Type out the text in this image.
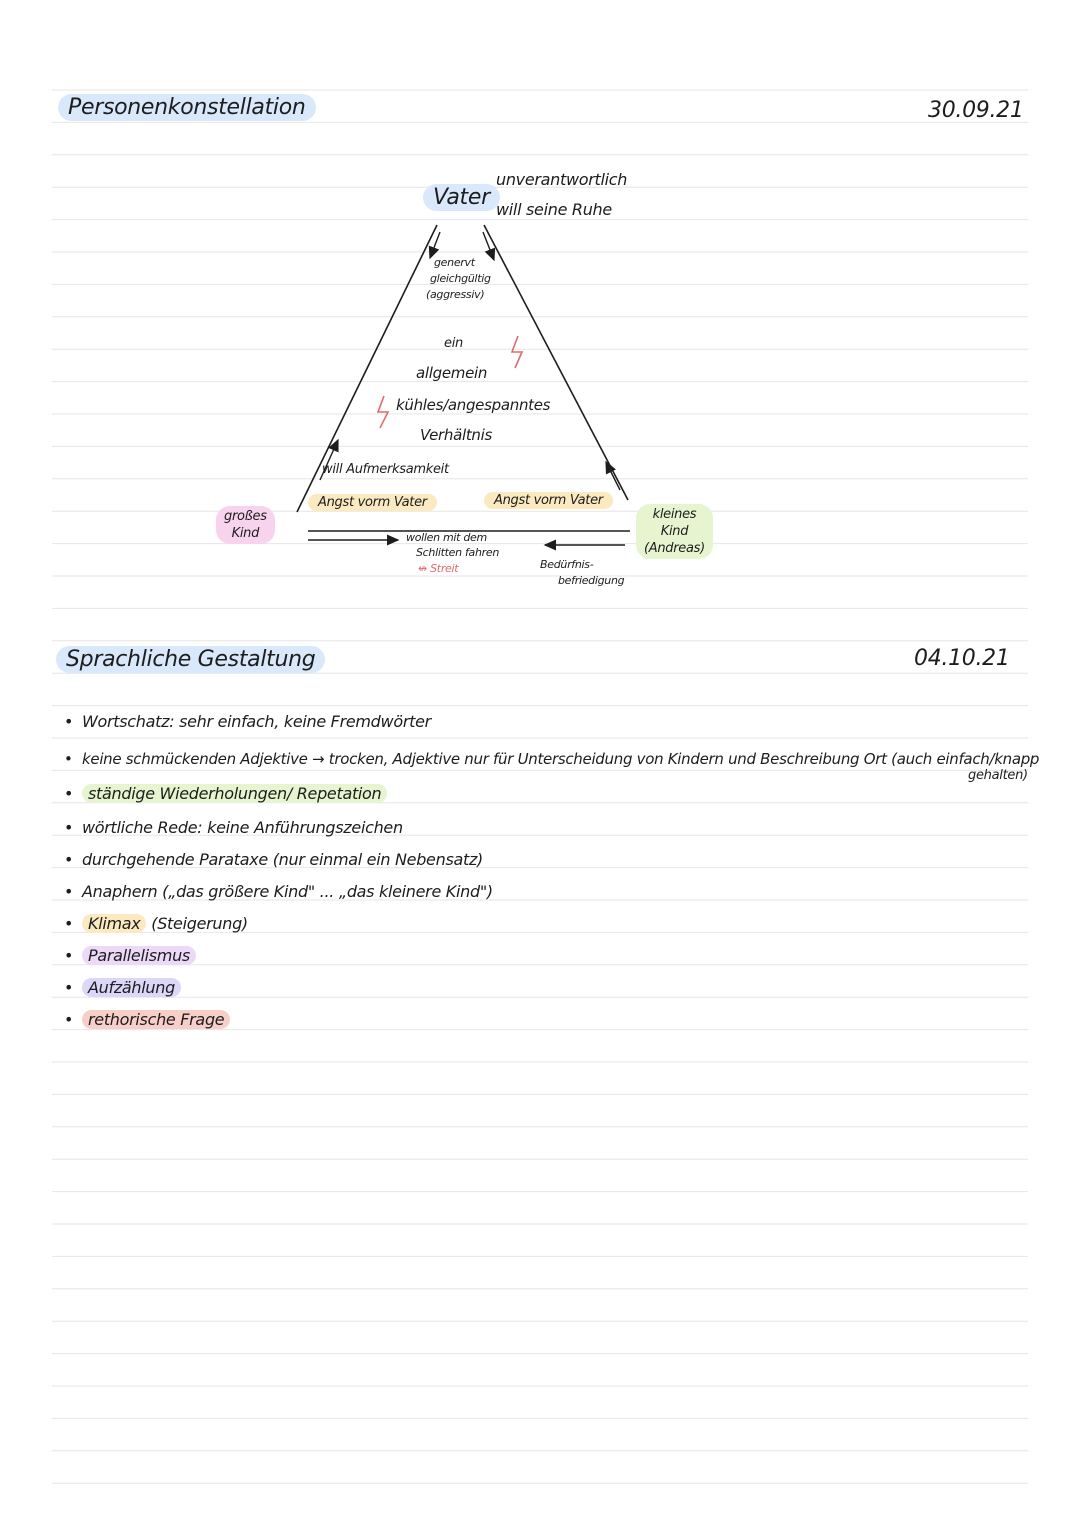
Personenkonstellation	30.09.21
Vater
unverantwortlich
will seine Ruhe
genervt
gleichgültig
(aggressiv)
ein
allgemein
kühles/angespanntes
Verhältnis
will Aufmerksamkeit
Angst vorm Vater
großes
Kind
Angst vorm Vater
kleines
Kind
(Andreas)
Bedürfnis-
befriedigung
wollen mit dem
Schlitten fahren
↮ Streit
Sprachliche Gestaltung	04.10.21
• Wortschatz: sehr einfach, keine Fremdwörter
• keine schmückenden Adjektive → trocken, Adjektive nur für Unterscheidung von Kindern und Beschreibung Ort (auch einfach/knapp
gehalten)
• ständige Wiederholungen/ Repetation
• wörtliche Rede: keine Anführungszeichen
• durchgehende Parataxe (nur einmal ein Nebensatz)
• Anaphern („das größere Kind" ... „das kleinere Kind")
• Klimax (Steigerung)
• Parallelismus
• Aufzählung
• rethorische Frage
